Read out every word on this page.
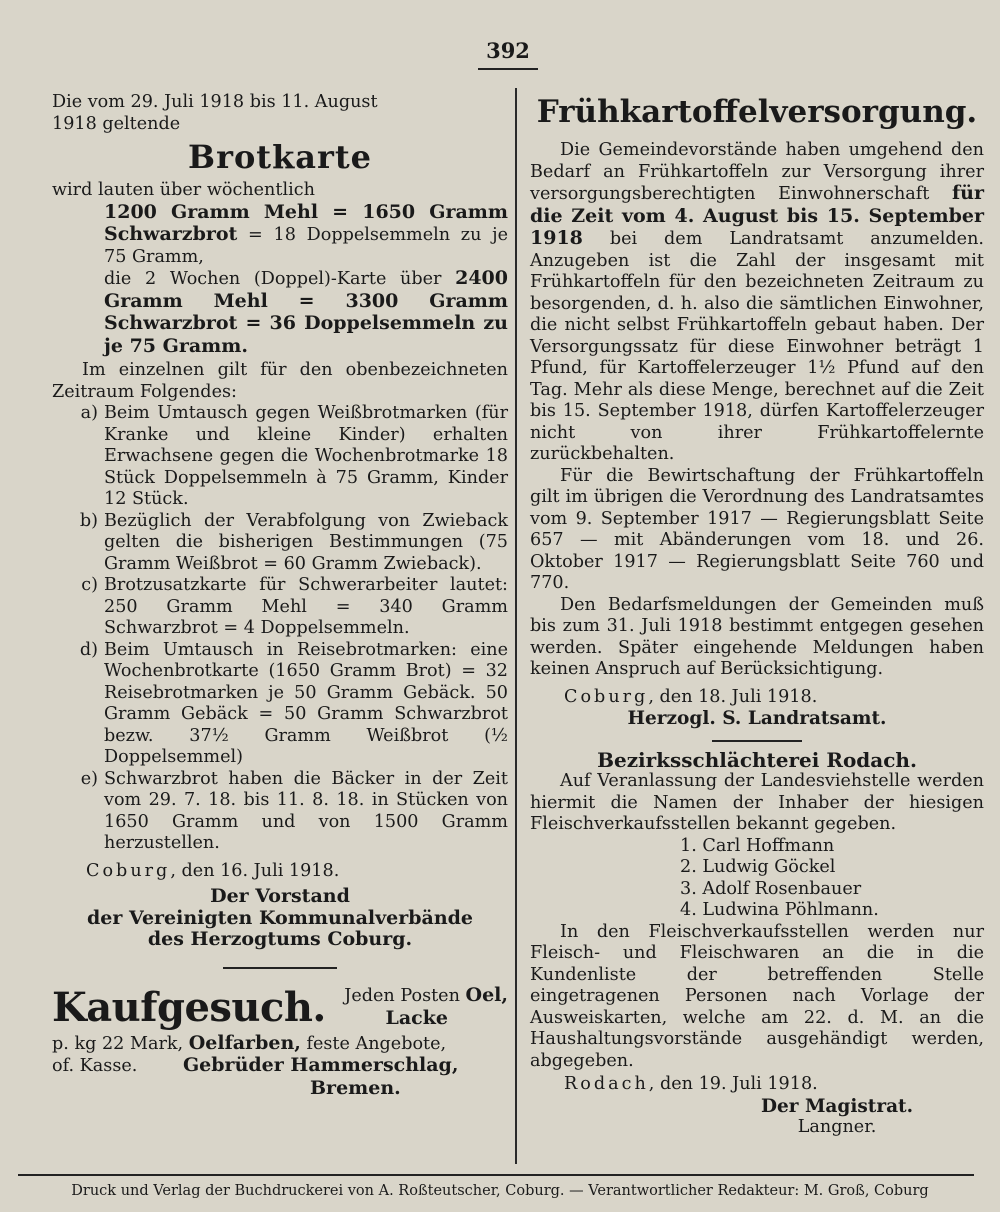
392

Die vom 29. Juli 1918 bis 11. August

1918 geltende

Brotkarte

wird lauten über wöchentlich

1200 Gramm Mehl = 1650 Gramm Schwarzbrot = 18 Doppelsemmeln zu je 75 Gramm,

die 2 Wochen (Doppel)-Karte über 2400 Gramm Mehl = 3300 Gramm Schwarzbrot = 36 Doppelsemmeln zu je 75 Gramm.

Im einzelnen gilt für den obenbezeichneten Zeitraum Folgendes:

a) Beim Umtausch gegen Weißbrotmarken (für Kranke und kleine Kinder) erhalten Erwachsene gegen die Wochenbrotmarke 18 Stück Doppelsemmeln à 75 Gramm, Kinder 12 Stück.
b) Bezüglich der Verabfolgung von Zwieback gelten die bisherigen Bestimmungen (75 Gramm Weißbrot = 60 Gramm Zwieback).
c) Brotzusatzkarte für Schwerarbeiter lautet: 250 Gramm Mehl = 340 Gramm Schwarzbrot = 4 Doppelsemmeln.
d) Beim Umtausch in Reisebrotmarken: eine Wochenbrotkarte (1650 Gramm Brot) = 32 Reisebrotmarken je 50 Gramm Gebäck. 50 Gramm Gebäck = 50 Gramm Schwarzbrot bezw. 37½ Gramm Weißbrot (½ Doppelsemmel)
e) Schwarzbrot haben die Bäcker in der Zeit vom 29. 7. 18. bis 11. 8. 18. in Stücken von 1650 Gramm und von 1500 Gramm herzustellen.

Coburg, den 16. Juli 1918.

Der Vorstand

der Vereinigten Kommunalverbände

des Herzogtums Coburg.

Kaufgesuch.	Jeden Posten Oel,
Lacke

p. kg 22 Mark, Oelfarben, feste Angebote,

of. Kasse. Gebrüder Hammerschlag,

Bremen.

Frühkartoffelversorgung.

Die Gemeindevorstände haben umgehend den Bedarf an Frühkartoffeln zur Versorgung ihrer versorgungsberechtigten Einwohnerschaft für die Zeit vom 4. August bis 15. September 1918 bei dem Landratsamt anzumelden. Anzugeben ist die Zahl der insgesamt mit Frühkartoffeln für den bezeichneten Zeitraum zu besorgenden, d. h. also die sämtlichen Einwohner, die nicht selbst Frühkartoffeln gebaut haben. Der Versorgungssatz für diese Einwohner beträgt 1 Pfund, für Kartoffelerzeuger 1½ Pfund auf den Tag. Mehr als diese Menge, berechnet auf die Zeit bis 15. September 1918, dürfen Kartoffelerzeuger nicht von ihrer Frühkartoffelernte zurückbehalten.

Für die Bewirtschaftung der Frühkartoffeln gilt im übrigen die Verordnung des Landratsamtes vom 9. September 1917 — Regierungsblatt Seite 657 — mit Abänderungen vom 18. und 26. Oktober 1917 — Regierungsblatt Seite 760 und 770.

Den Bedarfsmeldungen der Gemeinden muß bis zum 31. Juli 1918 bestimmt entgegen gesehen werden. Später eingehende Meldungen haben keinen Anspruch auf Berücksichtigung.

Coburg, den 18. Juli 1918.

Herzogl. S. Landratsamt.

Bezirksschlächterei Rodach.

Auf Veranlassung der Landesviehstelle werden hiermit die Namen der Inhaber der hiesigen Fleischverkaufsstellen bekannt gegeben.

1. Carl Hoffmann

2. Ludwig Göckel

3. Adolf Rosenbauer

4. Ludwina Pöhlmann.

In den Fleischverkaufsstellen werden nur Fleisch- und Fleischwaren an die in die Kundenliste der betreffenden Stelle eingetragenen Personen nach Vorlage der Ausweiskarten, welche am 22. d. M. an die Haushaltungsvorstände ausgehändigt werden, abgegeben.

Rodach, den 19. Juli 1918.

Der Magistrat.

Langner.

Druck und Verlag der Buchdruckerei von A. Roßteutscher, Coburg. — Verantwortlicher Redakteur: M. Groß, Coburg
